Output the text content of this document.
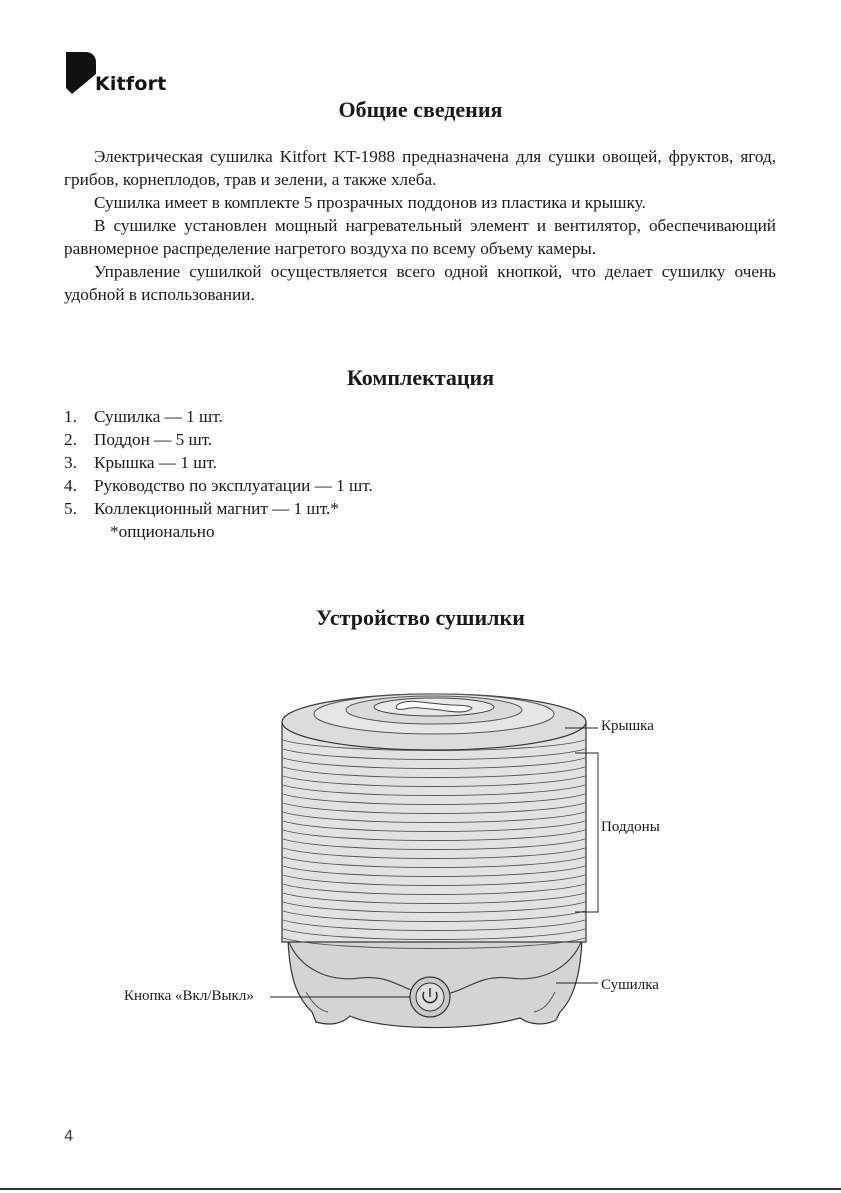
Kitfort
Общие сведения

Электрическая сушилка Kitfort KT-1988 предназначена для сушки овощей, фруктов, ягод, грибов, корнеплодов, трав и зелени, а также хлеба.

Сушилка имеет в комплекте 5 прозрачных поддонов из пластика и крышку.

В сушилке установлен мощный нагревательный элемент и вентилятор, обеспечивающий равномерное распределение нагретого воздуха по всему объему камеры.

Управление сушилкой осуществляется всего одной кнопкой, что делает сушилку очень удобной в использовании.

Комплектация
1. Сушилка — 1 шт.
2. Поддон — 5 шт.
3. Крышка — 1 шт.
4. Руководство по эксплуатации — 1 шт.
5. Коллекционный магнит — 1 шт.*
*опционально
Устройство сушилки
Крышка
Поддоны
Сушилка
Кнопка «Вкл/Выкл»
4
